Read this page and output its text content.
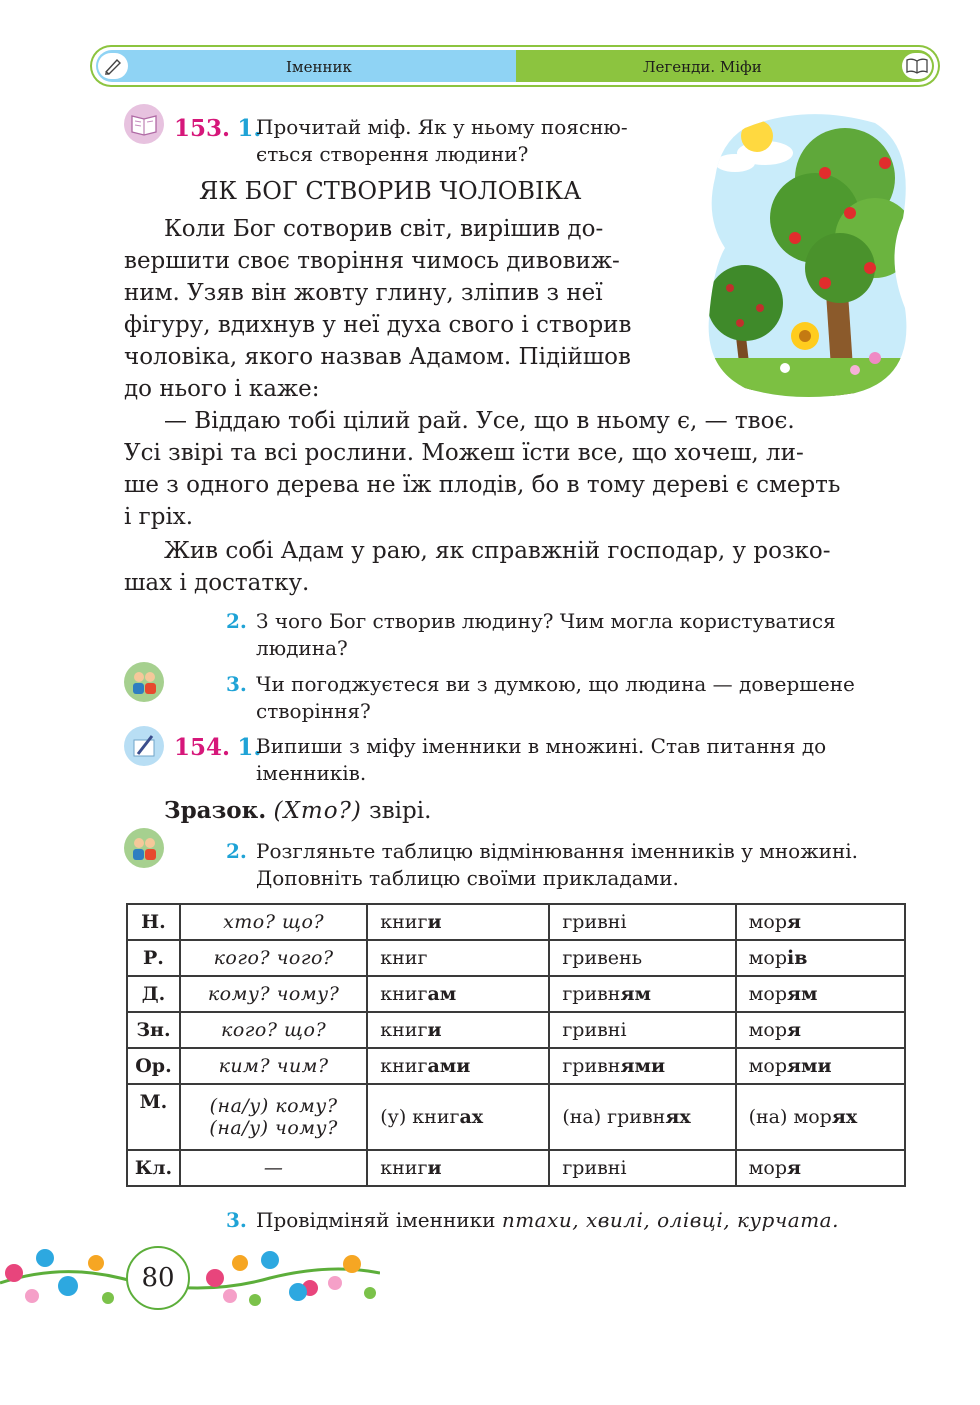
Іменник	Легенди. Міфи
153. 1.
Прочитай міф. Як у ньому поясню-
ється створення людини?
ЯК БОГ СТВОРИВ ЧОЛОВІКА
Коли Бог сотворив світ, вирішив до-
вершити своє творіння чимось дивовиж-
ним. Узяв він жовту глину, зліпив з неї
фігуру, вдихнув у неї духа свого і створив
чоловіка, якого назвав Адамом. Підійшов
до нього і каже:
— Віддаю тобі цілий рай. Усе, що в ньому є, — твоє.
Усі звірі та всі рослини. Можеш їсти все, що хочеш, ли-
ше з одного дерева не їж плодів, бо в тому дереві є смерть
і гріх.
Жив собі Адам у раю, як справжній господар, у розко-
шах і достатку.
2. З чого Бог створив людину? Чим могла користуватися
людина?
3. Чи погоджуєтеся ви з думкою, що людина — довершене
створіння?
154. 1.
Випиши з міфу іменники в множині. Став питання до
іменників.
Зразок. (Хто?) звірі.
2. Розгляньте таблицю відмінювання іменників у множині.
Доповніть таблицю своїми прикладами.
Н.	хто? що?	книги	гривні	моря
Р.	кого? чого?	книг	гривень	морів
Д.	кому? чому?	книгам	гривням	морям
Зн.	кого? що?	книги	гривні	моря
Ор.	ким? чим?	книгами	гривнями	морями
М.	(на/у) кому?
(на/у) чому?	(у) книгах	(на) гривнях	(на) морях
Кл.	—	книги	гривні	моря
3. Провідміняй іменники птахи, хвилі, олівці, курчата.
80
